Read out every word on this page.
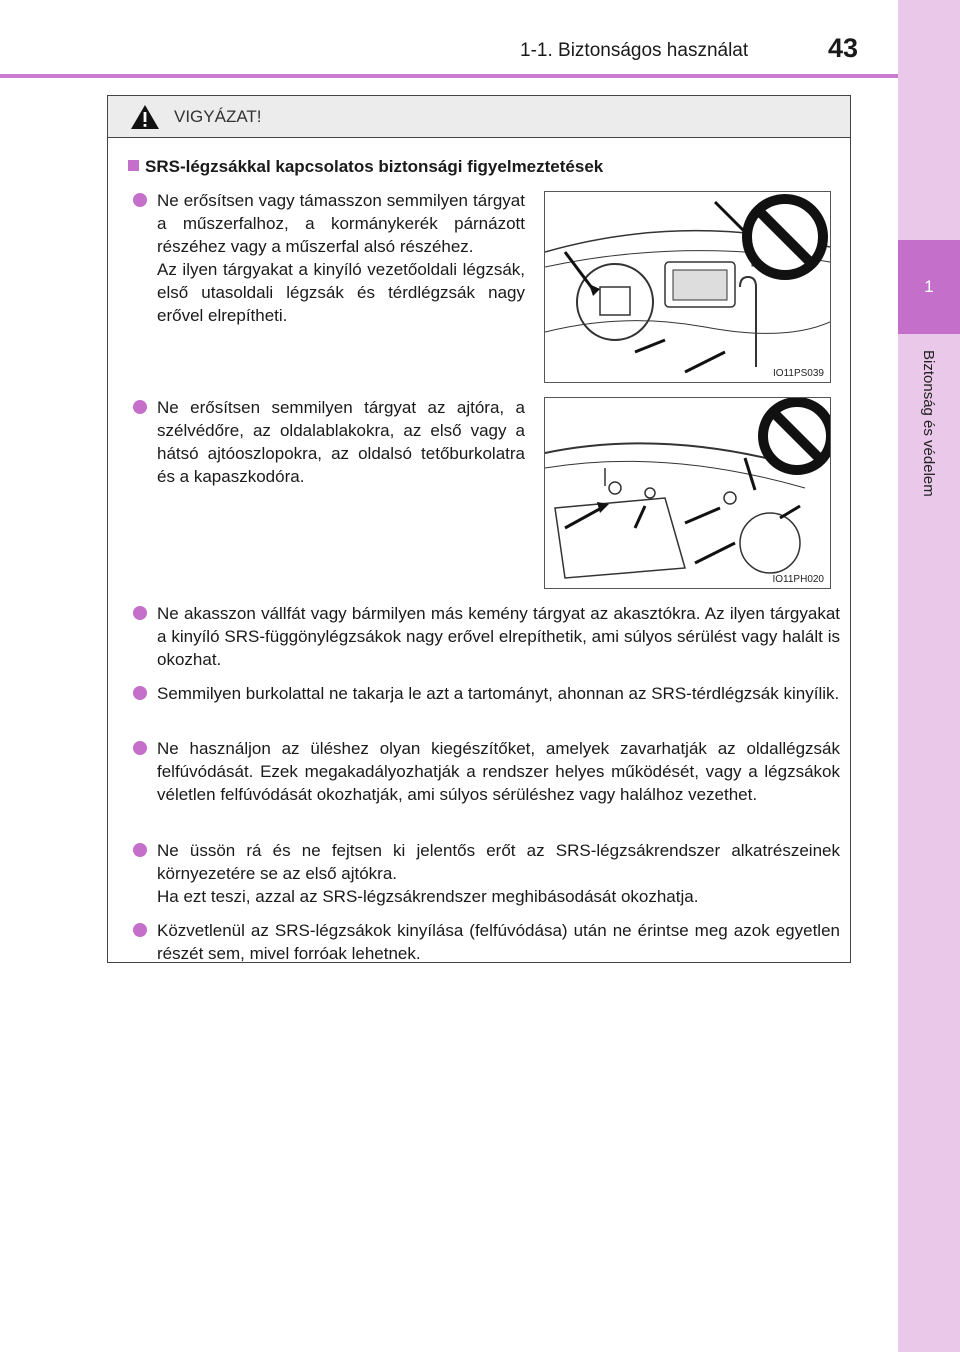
1-1. Biztonságos használat	43
1
Biztonság és védelem
VIGYÁZAT!
SRS-légzsákkal kapcsolatos biztonsági figyelmeztetések

Ne erősítsen vagy támasszon semmilyen tárgyat a műszerfalhoz, a kormánykerék párnázott részéhez vagy a műszerfal alsó részéhez.

Az ilyen tárgyakat a kinyíló vezetőoldali légzsák, első utasoldali légzsák és térdlégzsák nagy erővel elrepítheti.

IO11PS039

Ne erősítsen semmilyen tárgyat az ajtóra, a szélvédőre, az oldalablakokra, az első vagy a hátsó ajtóoszlopokra, az oldalsó tetőburkolatra és a kapaszkodóra.

IO11PH020

Ne akasszon vállfát vagy bármilyen más kemény tárgyat az akasztókra. Az ilyen tárgyakat a kinyíló SRS-függönylégzsákok nagy erővel elrepíthetik, ami súlyos sérülést vagy halált is okozhat.

Semmilyen burkolattal ne takarja le azt a tartományt, ahonnan az SRS-térdlégzsák kinyílik.

Ne használjon az üléshez olyan kiegészítőket, amelyek zavarhatják az oldallégzsák felfúvódását. Ezek megakadályozhatják a rendszer helyes működését, vagy a légzsákok véletlen felfúvódását okozhatják, ami súlyos sérüléshez vagy halálhoz vezethet.

Ne üssön rá és ne fejtsen ki jelentős erőt az SRS-légzsákrendszer alkatrészeinek környezetére se az első ajtókra.

Ha ezt teszi, azzal az SRS-légzsákrendszer meghibásodását okozhatja.

Közvetlenül az SRS-légzsákok kinyílása (felfúvódása) után ne érintse meg azok egyetlen részét sem, mivel forróak lehetnek.
